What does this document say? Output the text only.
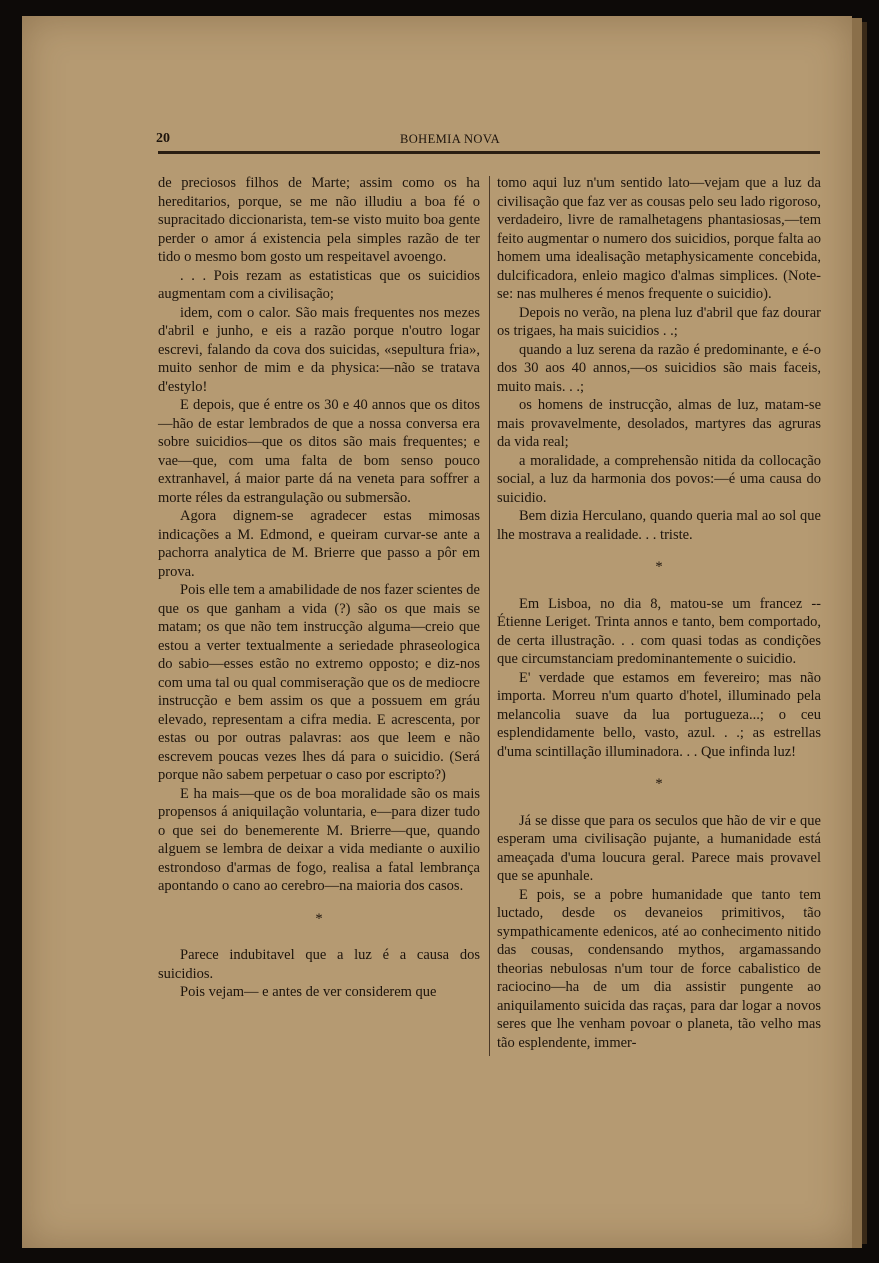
20	BOHEMIA NOVA

de preciosos filhos de Marte; assim como os ha hereditarios, porque, se me não illudiu a boa fé o supracitado diccionarista, tem-se visto muito boa gente perder o amor á existencia pela simples razão de ter tido o mesmo bom gosto um respeitavel avoengo.

. . . Pois rezam as estatisticas que os suicidios augmentam com a civilisação;

idem, com o calor. São mais frequentes nos mezes d'abril e junho, e eis a razão porque n'outro logar escrevi, falando da cova dos suicidas, «sepultura fria», muito senhor de mim e da physica:—não se tratava d'estylo!

E depois, que é entre os 30 e 40 annos que os ditos—hão de estar lembrados de que a nossa conversa era sobre suicidios—que os ditos são mais frequentes; e vae—que, com uma falta de bom senso pouco extranhavel, á maior parte dá na veneta para soffrer a morte réles da estrangulação ou submersão.

Agora dignem-se agradecer estas mimosas indicações a M. Edmond, e queiram curvar-se ante a pachorra analytica de M. Brierre que passo a pôr em prova.

Pois elle tem a amabilidade de nos fazer scientes de que os que ganham a vida (?) são os que mais se matam; os que não tem instrucção alguma—creio que estou a verter textualmente a seriedade phraseologica do sabio—esses estão no extremo opposto; e diz-nos com uma tal ou qual commiseração que os de mediocre instrucção e bem assim os que a possuem em gráu elevado, representam a cifra media. E acrescenta, por estas ou por outras palavras: aos que leem e não escrevem poucas vezes lhes dá para o suicidio. (Será porque não sabem perpetuar o caso por escripto?)

E ha mais—que os de boa moralidade são os mais propensos á aniquilação voluntaria, e—para dizer tudo o que sei do benemerente M. Brierre—que, quando alguem se lembra de deixar a vida mediante o auxilio estrondoso d'armas de fogo, realisa a fatal lembrança apontando o cano ao cerebro—na maioria dos casos.

*

Parece indubitavel que a luz é a causa dos suicidios.

Pois vejam— e antes de ver considerem que

tomo aqui luz n'um sentido lato—vejam que a luz da civilisação que faz ver as cousas pelo seu lado rigoroso, verdadeiro, livre de ramalhetagens phantasiosas,—tem feito augmentar o numero dos suicidios, porque falta ao homem uma idealisação metaphysicamente concebida, dulcificadora, enleio magico d'almas simplices. (Note-se: nas mulheres é menos frequente o suicidio).

Depois no verão, na plena luz d'abril que faz dourar os trigaes, ha mais suicidios . .;

quando a luz serena da razão é predominante, e é-o dos 30 aos 40 annos,—os suicidios são mais faceis, muito mais. . .;

os homens de instrucção, almas de luz, matam-se mais provavelmente, desolados, martyres das agruras da vida real;

a moralidade, a comprehensão nitida da collocação social, a luz da harmonia dos povos:—é uma causa do suicidio.

Bem dizia Herculano, quando queria mal ao sol que lhe mostrava a realidade. . . triste.

*

Em Lisboa, no dia 8, matou-se um francez -- Étienne Leriget. Trinta annos e tanto, bem comportado, de certa illustração. . . com quasi todas as condições que circumstanciam predominantemente o suicidio.

E' verdade que estamos em fevereiro; mas não importa. Morreu n'um quarto d'hotel, illuminado pela melancolia suave da lua portugueza...; o ceu esplendidamente bello, vasto, azul. . .; as estrellas d'uma scintillação illuminadora. . . Que infinda luz!

*

Já se disse que para os seculos que hão de vir e que esperam uma civilisação pujante, a humanidade está ameaçada d'uma loucura geral. Parece mais provavel que se apunhale.

E pois, se a pobre humanidade que tanto tem luctado, desde os devaneios primitivos, tão sympathicamente edenicos, até ao conhecimento nitido das cousas, condensando mythos, argamassando theorias nebulosas n'um tour de force cabalistico de raciocino—ha de um dia assistir pungente ao aniquilamento suicida das raças, para dar logar a novos seres que lhe venham povoar o planeta, tão velho mas tão esplendente, immer-
